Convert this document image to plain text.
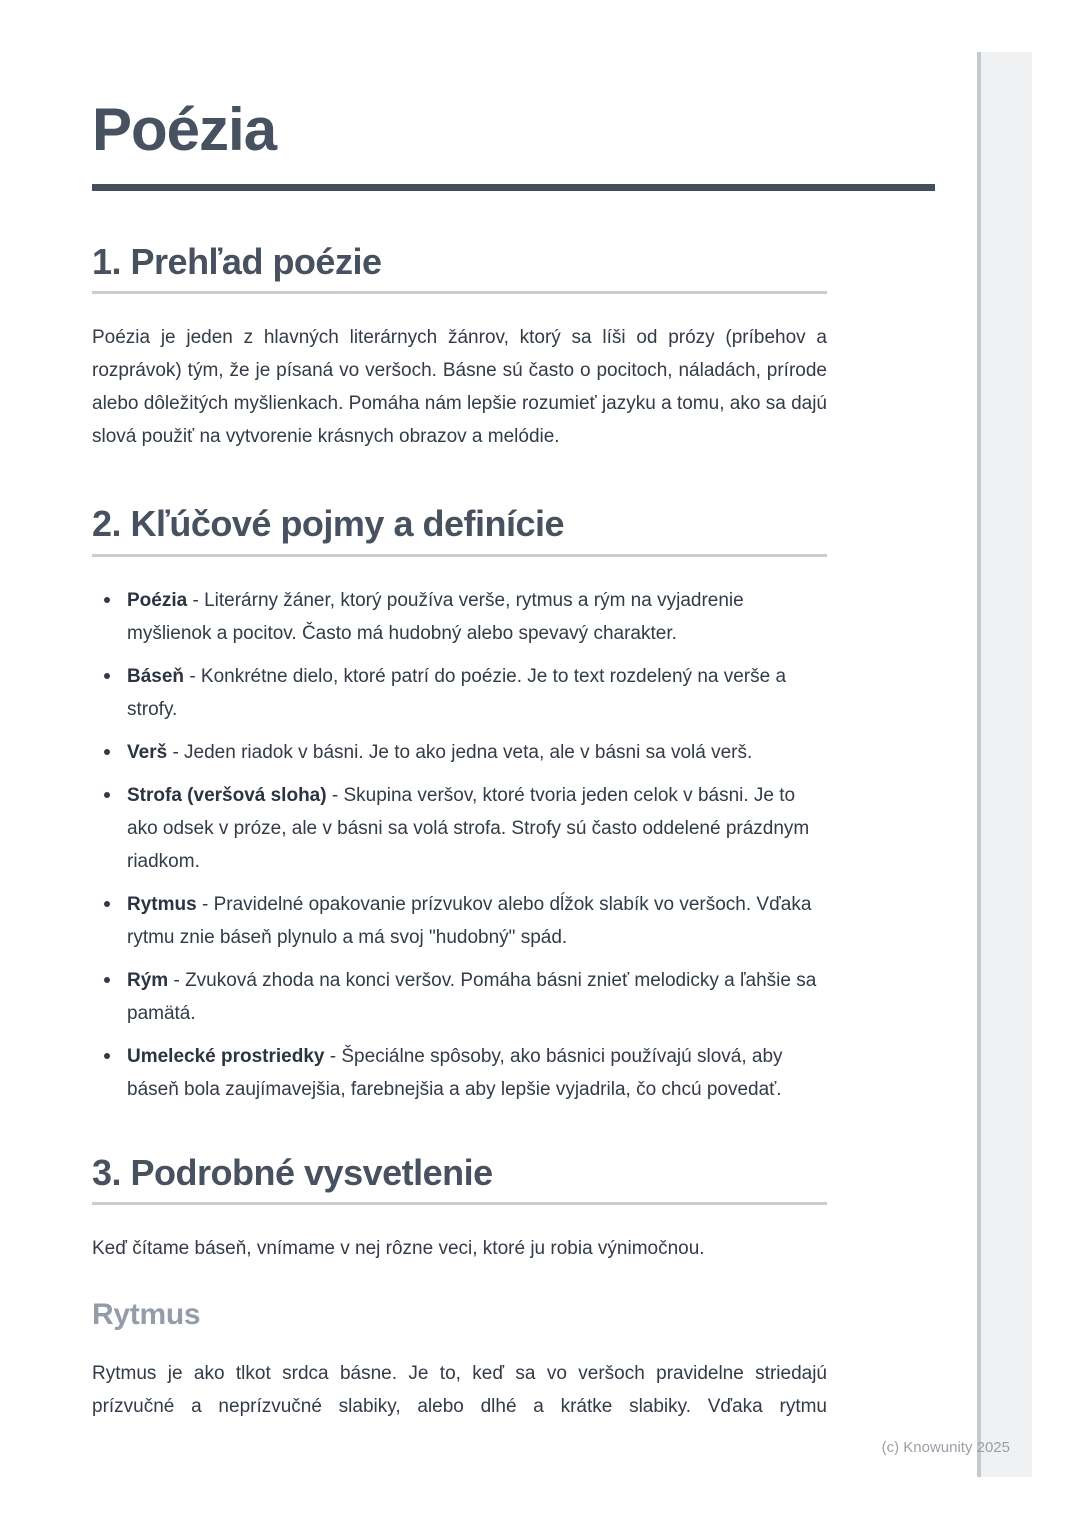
Poézia
1. Prehľad poézie

Poézia je jeden z hlavných literárnych žánrov, ktorý sa líši od prózy (príbehov a rozprávok) tým, že je písaná vo veršoch. Básne sú často o pocitoch, náladách, prírode alebo dôležitých myšlienkach. Pomáha nám lepšie rozumieť jazyku a tomu, ako sa dajú slová použiť na vytvorenie krásnych obrazov a melódie.

2. Kľúčové pojmy a definície
Poézia - Literárny žáner, ktorý používa verše, rytmus a rým na vyjadrenie myšlienok a pocitov. Často má hudobný alebo spevavý charakter.
Báseň - Konkrétne dielo, ktoré patrí do poézie. Je to text rozdelený na verše a strofy.
Verš - Jeden riadok v básni. Je to ako jedna veta, ale v básni sa volá verš.
Strofa (veršová sloha) - Skupina veršov, ktoré tvoria jeden celok v básni. Je to ako odsek v próze, ale v básni sa volá strofa. Strofy sú často oddelené prázdnym riadkom.
Rytmus - Pravidelné opakovanie prízvukov alebo dĺžok slabík vo veršoch. Vďaka rytmu znie báseň plynulo a má svoj "hudobný" spád.
Rým - Zvuková zhoda na konci veršov. Pomáha básni znieť melodicky a ľahšie sa pamätá.
Umelecké prostriedky - Špeciálne spôsoby, ako básnici používajú slová, aby báseň bola zaujímavejšia, farebnejšia a aby lepšie vyjadrila, čo chcú povedať.
3. Podrobné vysvetlenie

Keď čítame báseň, vnímame v nej rôzne veci, ktoré ju robia výnimočnou.

Rytmus

Rytmus je ako tlkot srdca básne. Je to, keď sa vo veršoch pravidelne striedajú prízvučné a neprízvučné slabiky, alebo dlhé a krátke slabiky. Vďaka rytmu

(c) Knowunity 2025
